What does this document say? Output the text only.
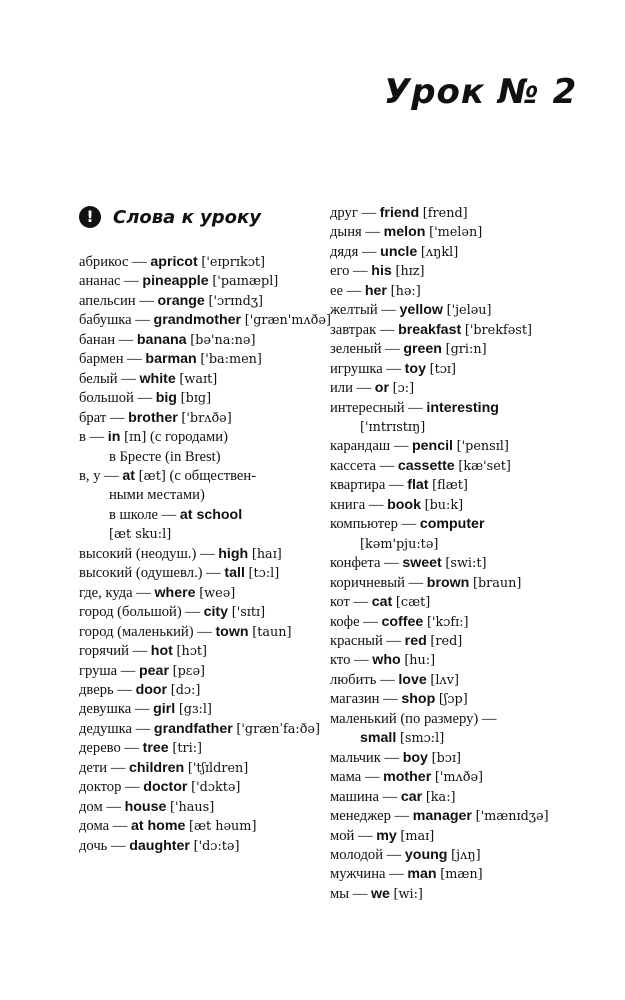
Урок № 2
!	Слова к уроку
абрикос — apricot ['eɪprɪkɔt]
ананас — pineapple ['paɪnæpl]
апельсин — orange ['ɔrɪndʒ]
бабушка — grandmother ['græn'mʌðə]
банан — banana [bə'na:nə]
бармен — barman ['ba:men]
белый — white [waɪt]
большой — big [bɪg]
брат — brother ['brʌðə]
в — in [ɪn] (с городами)
в Бресте (in Brest)
в, у — at [æt] (с обществен-
ными местами)
в школе — at school
[æt sku:l]
высокий (неодуш.) — high [haɪ]
высокий (одушевл.) — tall [tɔ:l]
где, куда — where [weə]
город (большой) — city ['sɪtɪ]
город (маленький) — town [taun]
горячий — hot [hɔt]
груша — pear [pɛə]
дверь — door [dɔ:]
девушка — girl [gɜ:l]
дедушка — grandfather ['grænˈfa:ðə]
дерево — tree [tri:]
дети — children ['tʃɪldren]
доктор — doctor ['dɔktə]
дом — house ['haus]
дома — at home [æt həum]
дочь — daughter ['dɔ:tə]
друг — friend [frend]
дыня — melon ['melən]
дядя — uncle [ʌŋkl]
его — his [hɪz]
ее — her [hə:]
желтый — yellow ['jeləu]
завтрак — breakfast ['brekfəst]
зеленый — green [gri:n]
игрушка — toy [tɔɪ]
или — or [ɔ:]
интересный — interesting
['ɪntrɪstɪŋ]
карандаш — pencil ['pensɪl]
кассета — cassette [kæ'set]
квартира — flat [flæt]
книга — book [bu:k]
компьютер — computer
[kəm'pju:tə]
конфета — sweet [swi:t]
коричневый — brown [braun]
кот — cat [cæt]
кофе — coffee ['kɔfɪ:]
красный — red [red]
кто — who [hu:]
любить — love [lʌv]
магазин — shop [ʃɔp]
маленький (по размеру) —
small [smɔ:l]
мальчик — boy [bɔɪ]
мама — mother ['mʌðə]
машина — car [ka:]
менеджер — manager ['mænɪdʒə]
мой — my [maɪ]
молодой — young [jʌŋ]
мужчина — man [mæn]
мы — we [wi:]
